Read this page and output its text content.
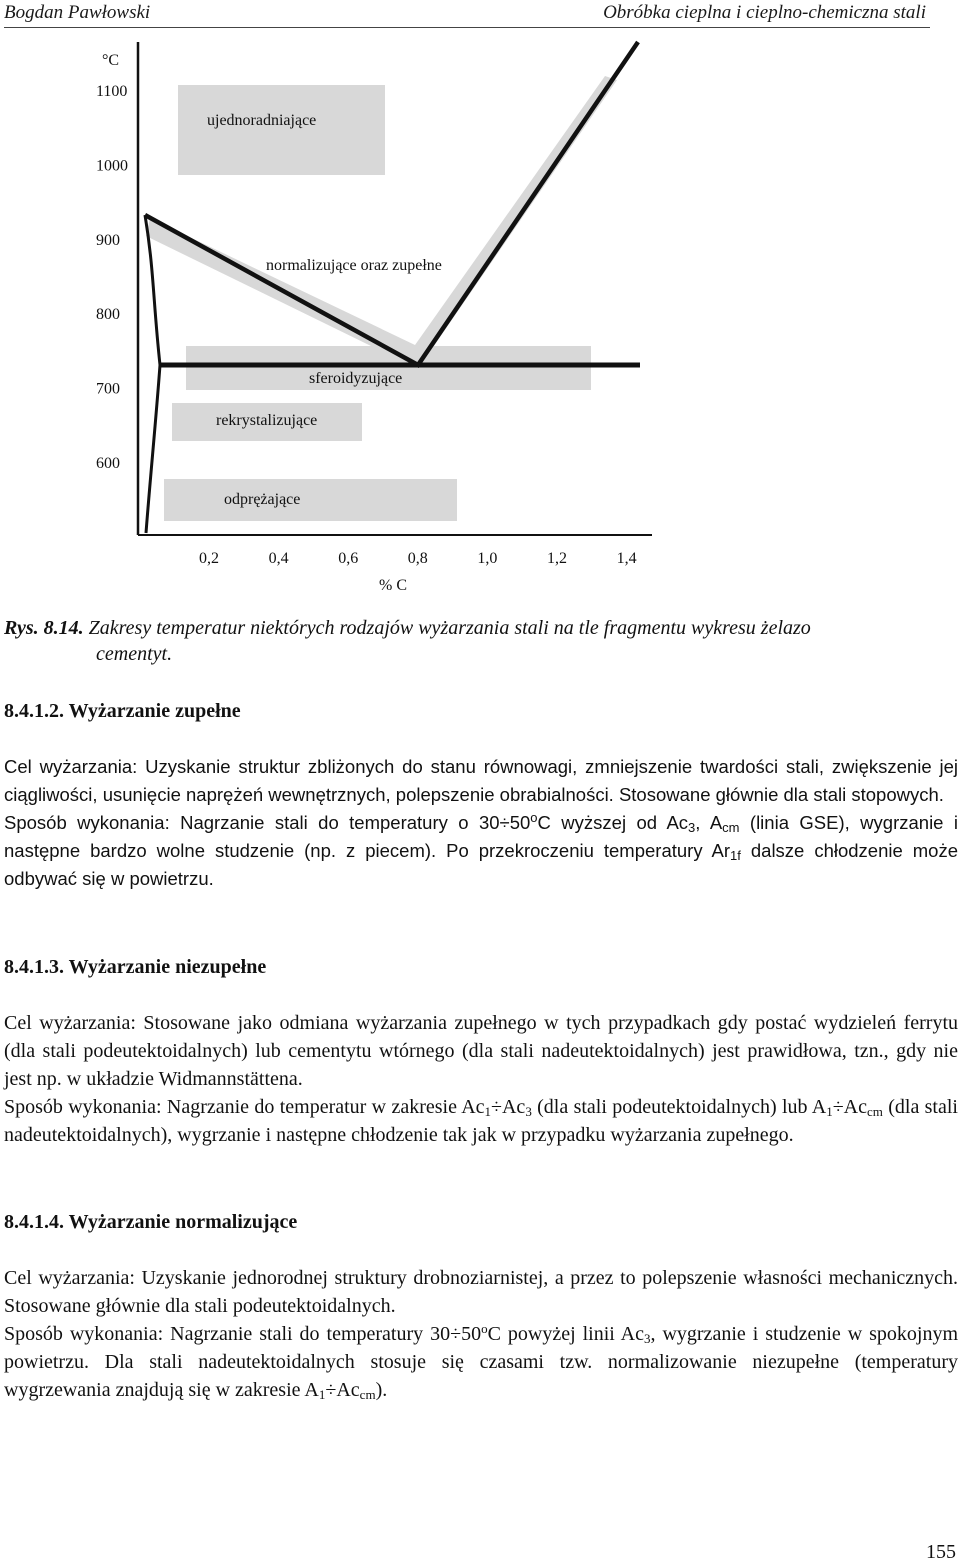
Bogdan Pawłowski	Obróbka cieplna i cieplno-chemiczna stali
600
700
800
900
1000
1100
0,2	0,4	0,6	0,8	1,0	1,2	1,4
°C
% C
ujednoradniające
normalizujące oraz zupełne
sferoidyzujące
rekrystalizujące
odprężające
Rys. 8.14. Zakresy temperatur niektórych rodzajów wyżarzania stali na tle fragmentu wykresu żelazo
cementyt.
8.4.1.2. Wyżarzanie zupełne

Cel wyżarzania: Uzyskanie struktur zbliżonych do stanu równowagi, zmniejszenie twardości stali, zwiększenie jej ciągliwości, usunięcie naprężeń wewnętrznych, polepszenie obrabialności. Stosowane głównie dla stali stopowych.

Sposób wykonania: Nagrzanie stali do temperatury o $30\div 50^oC$ wyższej od $Ac_3$, $A_{cm}$ (linia GSE), wygrzanie i następne bardzo wolne studzenie (np. z piecem). Po przekroczeniu temperatury $Ar_{1f}$ dalsze chłodzenie może odbywać się w powietrzu.

8.4.1.3. Wyżarzanie niezupełne

Cel wyżarzania: Stosowane jako odmiana wyżarzania zupełnego w tych przypadkach gdy postać wydzieleń ferrytu (dla stali podeutektoidalnych) lub cementytu wtórnego (dla stali nadeutektoidalnych) jest prawidłowa, tzn., gdy nie jest np. w układzie Widmannstättena.

Sposób wykonania: Nagrzanie do temperatur w zakresie $Ac_1\div Ac_3$ (dla stali podeutektoidalnych) lub $A_1\div Ac_{cm}$ (dla stali nadeutektoidalnych), wygrzanie i następne chłodzenie tak jak w przypadku wyżarzania zupełnego.

8.4.1.4. Wyżarzanie normalizujące

Cel wyżarzania: Uzyskanie jednorodnej struktury drobnoziarnistej, a przez to polepszenie własności mechanicznych. Stosowane głównie dla stali podeutektoidalnych.

Sposób wykonania: Nagrzanie stali do temperatury $30\div 50^oC$ powyżej linii $Ac_3$, wygrzanie i studzenie w spokojnym powietrzu. Dla stali nadeutektoidalnych stosuje się czasami tzw. normalizowanie niezupełne (temperatury wygrzewania znajdują się w zakresie $A_1\div Ac_{cm}$).

155
